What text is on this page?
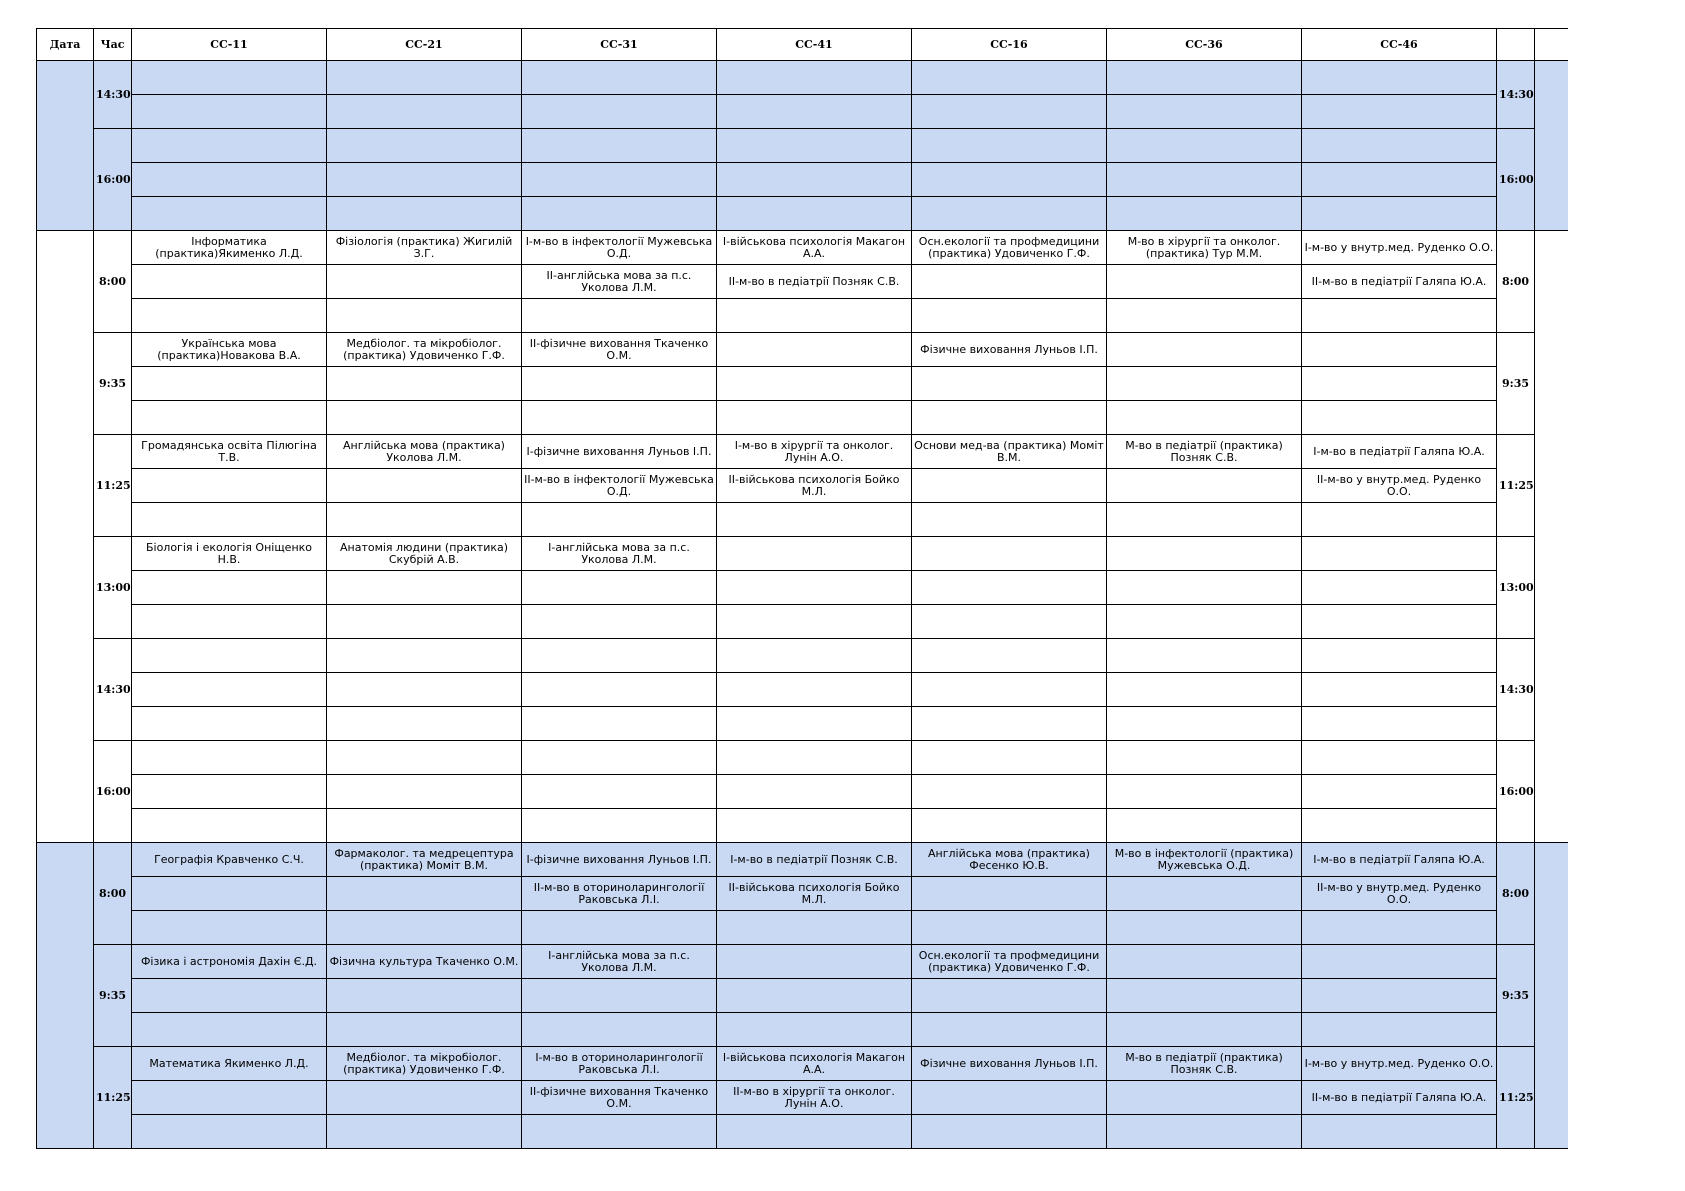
Дата	Час	СС-11	СС-21	СС-31	СС-41	СС-16	СС-36	СС-46		
	14:30								14:30	

	16:00								16:00	

	8:00	Інформатика (практика)Якименко Л.Д.	Фізіологія (практика) Жигилій З.Г.	І-м-во в інфектології Мужевська О.Д.	І-військова психологія Макагон А.А.	Осн.екології та профмедицини (практика) Удовиченко Г.Ф.	М-во в хірургії та онколог. (практика) Тур М.М.	І-м-во у внутр.мед. Руденко О.О.	8:00	
				ІІ-англійська мова за п.с. Уколова Л.М.	ІІ-м-во в педіатрії Позняк С.В.			ІІ-м-во в педіатрії Галяпа Ю.А.		

	9:35	Українська мова (практика)Новакова В.А.	Медбіолог. та мікробіолог. (практика) Удовиченко Г.Ф.	ІІ-фізичне виховання Ткаченко О.М.		Фізичне виховання Луньов І.П.			9:35	

	11:25	Громадянська освіта Пілюгіна Т.В.	Англійська мова (практика) Уколова Л.М.	І-фізичне виховання Луньов І.П.	І-м-во в хірургії та онколог. Лунін А.О.	Основи мед-ва (практика) Моміт В.М.	М-во в педіатрії (практика) Позняк С.В.	І-м-во в педіатрії Галяпа Ю.А.	11:25	
				ІІ-м-во в інфектології Мужевська О.Д.	ІІ-військова психологія Бойко М.Л.			ІІ-м-во у внутр.мед. Руденко О.О.		

	13:00	Біологія і екологія Оніщенко Н.В.	Анатомія людини (практика) Скубрій А.В.	І-англійська мова за п.с. Уколова Л.М.					13:00	

	14:30								14:30	

	16:00								16:00	

	8:00	Географія Кравченко С.Ч.	Фармаколог. та медрецептура (практика) Моміт В.М.	І-фізичне виховання Луньов І.П.	І-м-во в педіатрії Позняк С.В.	Англійська мова (практика) Фесенко Ю.В.	М-во в інфектології (практика) Мужевська О.Д.	І-м-во в педіатрії Галяпа Ю.А.	8:00	
				ІІ-м-во в оториноларингології Раковська Л.І.	ІІ-військова психологія Бойко М.Л.			ІІ-м-во у внутр.мед. Руденко О.О.		

	9:35	Фізика і астрономія Дахін Є.Д.	Фізична культура Ткаченко О.М.	І-англійська мова за п.с. Уколова Л.М.		Осн.екології та профмедицини (практика) Удовиченко Г.Ф.			9:35	

	11:25	Математика Якименко Л.Д.	Медбіолог. та мікробіолог. (практика) Удовиченко Г.Ф.	І-м-во в оториноларингології Раковська Л.І.	І-військова психологія Макагон А.А.	Фізичне виховання Луньов І.П.	М-во в педіатрії (практика) Позняк С.В.	І-м-во у внутр.мед. Руденко О.О.	11:25	
				ІІ-фізичне виховання Ткаченко О.М.	ІІ-м-во в хірургії та онколог. Лунін А.О.			ІІ-м-во в педіатрії Галяпа Ю.А.		
